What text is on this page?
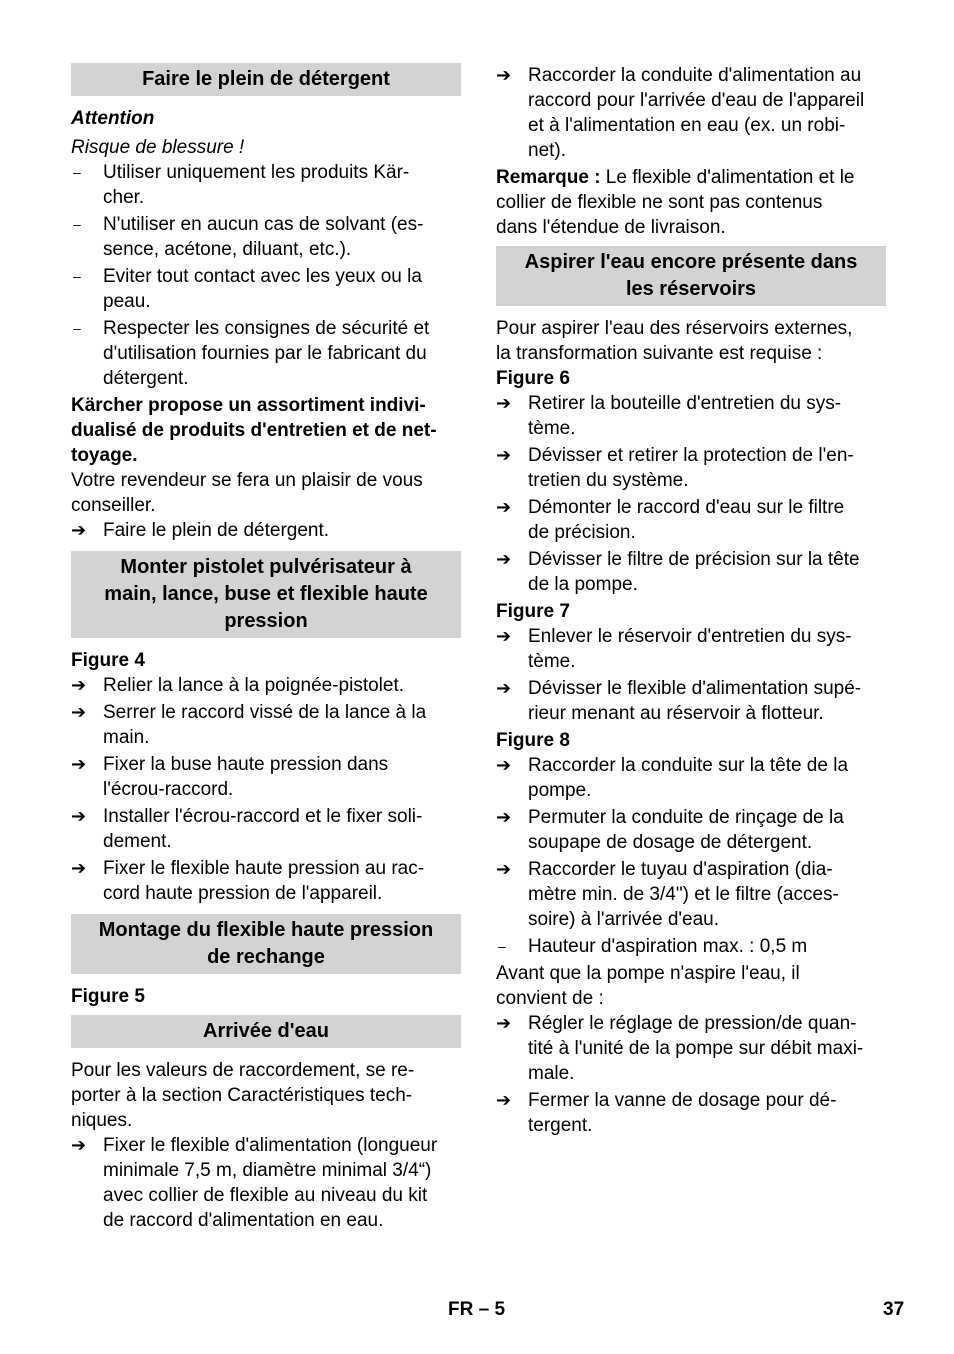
Faire le plein de détergent

Attention

Risque de blessure !

–	Utiliser uniquement les produits Kär-
cher.
–	N'utiliser en aucun cas de solvant (es-
sence, acétone, diluant, etc.).
–	Eviter tout contact avec les yeux ou la
peau.
–	Respecter les consignes de sécurité et
d'utilisation fournies par le fabricant du
détergent.

Kärcher propose un assortiment indivi-
dualisé de produits d'entretien et de net-
toyage.

Votre revendeur se fera un plaisir de vous
conseiller.

➔ Faire le plein de détergent.
Monter pistolet pulvérisateur à
main, lance, buse et flexible haute
pression

Figure 4

➔ Relier la lance à la poignée-pistolet.
➔ Serrer le raccord vissé de la lance à la
main.
➔ Fixer la buse haute pression dans
l'écrou-raccord.
➔ Installer l'écrou-raccord et le fixer soli-
dement.
➔ Fixer le flexible haute pression au rac-
cord haute pression de l'appareil.
Montage du flexible haute pression
de rechange

Figure 5

Arrivée d'eau

Pour les valeurs de raccordement, se re-
porter à la section Caractéristiques tech-
niques.

➔ Fixer le flexible d'alimentation (longueur
minimale 7,5 m, diamètre minimal 3/4“)
avec collier de flexible au niveau du kit
de raccord d'alimentation en eau.
➔ Raccorder la conduite d'alimentation au
raccord pour l'arrivée d'eau de l'appareil
et à l'alimentation en eau (ex. un robi-
net).

Remarque : Le flexible d'alimentation et le
collier de flexible ne sont pas contenus
dans l'étendue de livraison.

Aspirer l'eau encore présente dans
les réservoirs

Pour aspirer l'eau des réservoirs externes,
la transformation suivante est requise :

Figure 6

➔ Retirer la bouteille d'entretien du sys-
tème.
➔ Dévisser et retirer la protection de l'en-
tretien du système.
➔ Démonter le raccord d'eau sur le filtre
de précision.
➔ Dévisser le filtre de précision sur la tête
de la pompe.

Figure 7

➔ Enlever le réservoir d'entretien du sys-
tème.
➔ Dévisser le flexible d'alimentation supé-
rieur menant au réservoir à flotteur.

Figure 8

➔ Raccorder la conduite sur la tête de la
pompe.
➔ Permuter la conduite de rinçage de la
soupape de dosage de détergent.
➔ Raccorder le tuyau d'aspiration (dia-
mètre min. de 3/4") et le filtre (acces-
soire) à l'arrivée d'eau.
–	Hauteur d'aspiration max. : 0,5 m

Avant que la pompe n'aspire l'eau, il
convient de :

➔ Régler le réglage de pression/de quan-
tité à l'unité de la pompe sur débit maxi-
male.
➔ Fermer la vanne de dosage pour dé-
tergent.
FR – 5	37
